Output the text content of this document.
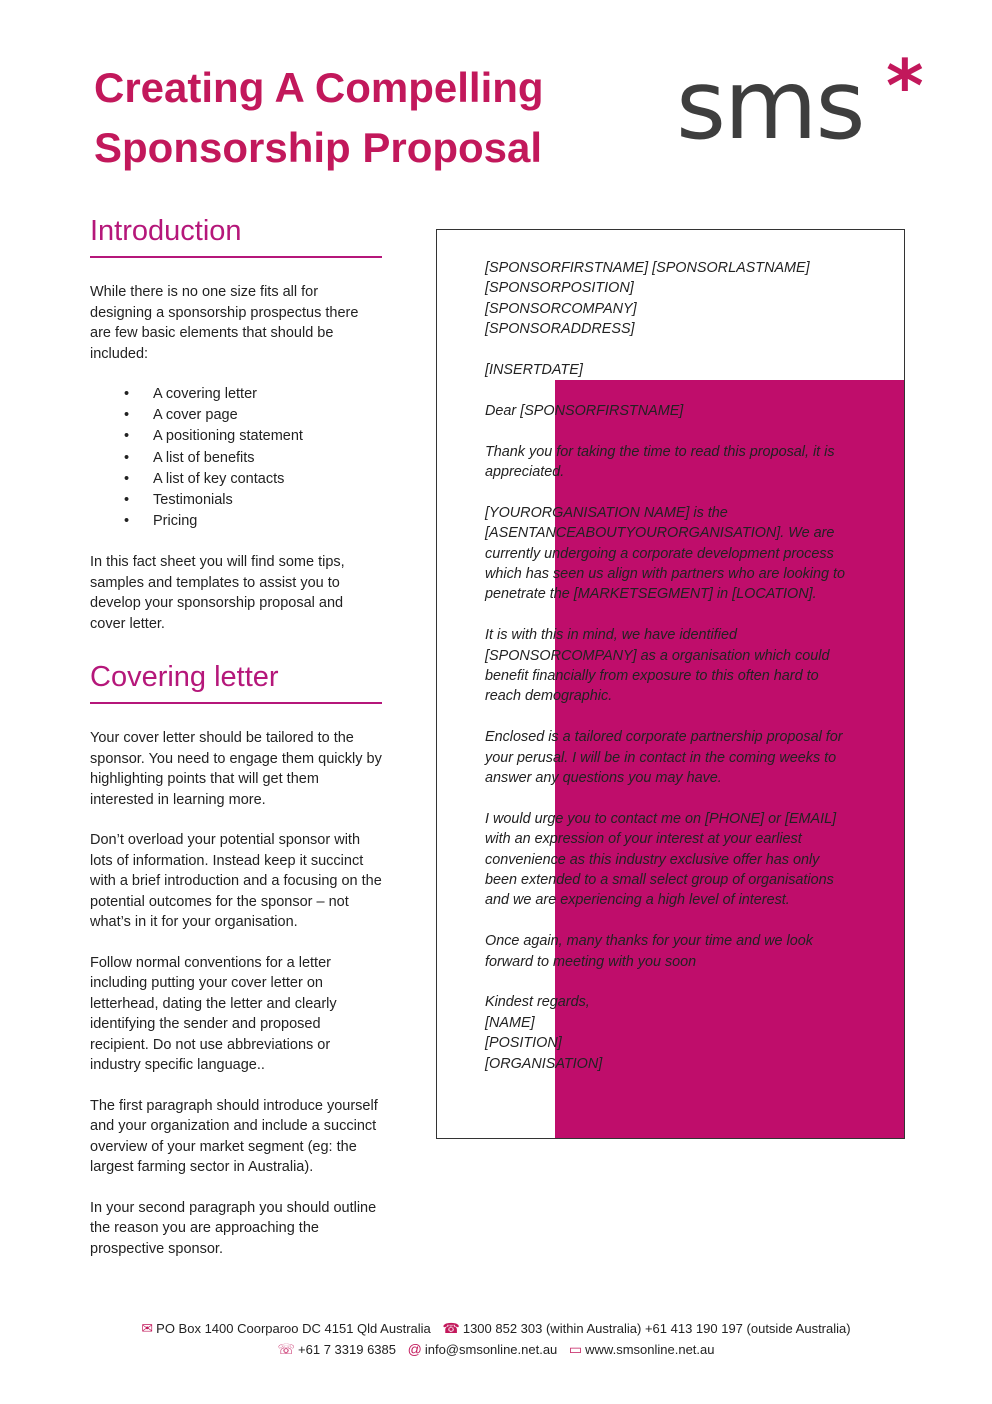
Creating A Compelling
Sponsorship Proposal	sms *
Introduction

While there is no one size fits all for designing a sponsorship prospectus there are few basic elements that should be included:

• A covering letter
• A cover page
• A positioning statement
• A list of benefits
• A list of key contacts
• Testimonials
• Pricing

In this fact sheet you will find some tips, samples and templates to assist you to develop your sponsorship proposal and cover letter.

Covering letter

Your cover letter should be tailored to the sponsor. You need to engage them quickly by highlighting points that will get them interested in learning more.

Don’t overload your potential sponsor with lots of information. Instead keep it succinct with a brief introduction and a focusing on the potential outcomes for the sponsor – not what’s in it for your organisation.

Follow normal conventions for a letter including putting your cover letter on letterhead, dating the letter and clearly identifying the sender and proposed recipient. Do not use abbreviations or industry specific language..

The first paragraph should introduce yourself and your organization and include a succinct overview of your market segment (eg: the largest farming sector in Australia).

In your second paragraph you should outline the reason you are approaching the prospective sponsor.

[SPONSORFIRSTNAME] [SPONSORLASTNAME]
[SPONSORPOSITION]
[SPONSORCOMPANY]
[SPONSORADDRESS]

[INSERTDATE]

Dear [SPONSORFIRSTNAME]

Thank you for taking the time to read this proposal, it is appreciated.

[YOURORGANISATION NAME] is the [ASENTANCEABOUTYOURORGANISATION]. We are currently undergoing a corporate development process which has seen us align with partners who are looking to penetrate the [MARKETSEGMENT] in [LOCATION].

It is with this in mind, we have identified [SPONSORCOMPANY] as a organisation which could benefit financially from exposure to this often hard to reach demographic.

Enclosed is a tailored corporate partnership proposal for your perusal. I will be in contact in the coming weeks to answer any questions you may have.

I would urge you to contact me on [PHONE] or [EMAIL] with an expression of your interest at your earliest convenience as this industry exclusive offer has only been extended to a small select group of organisations and we are experiencing a high level of interest.

Once again, many thanks for your time and we look forward to meeting with you soon

Kindest regards,
[NAME]
[POSITION]
[ORGANISATION]

✉ PO Box 1400 Coorparoo DC 4151 Qld Australia ☎ 1300 852 303 (within Australia) +61 413 190 197 (outside Australia)
☏ +61 7 3319 6385 @ info@smsonline.net.au ▭ www.smsonline.net.au
